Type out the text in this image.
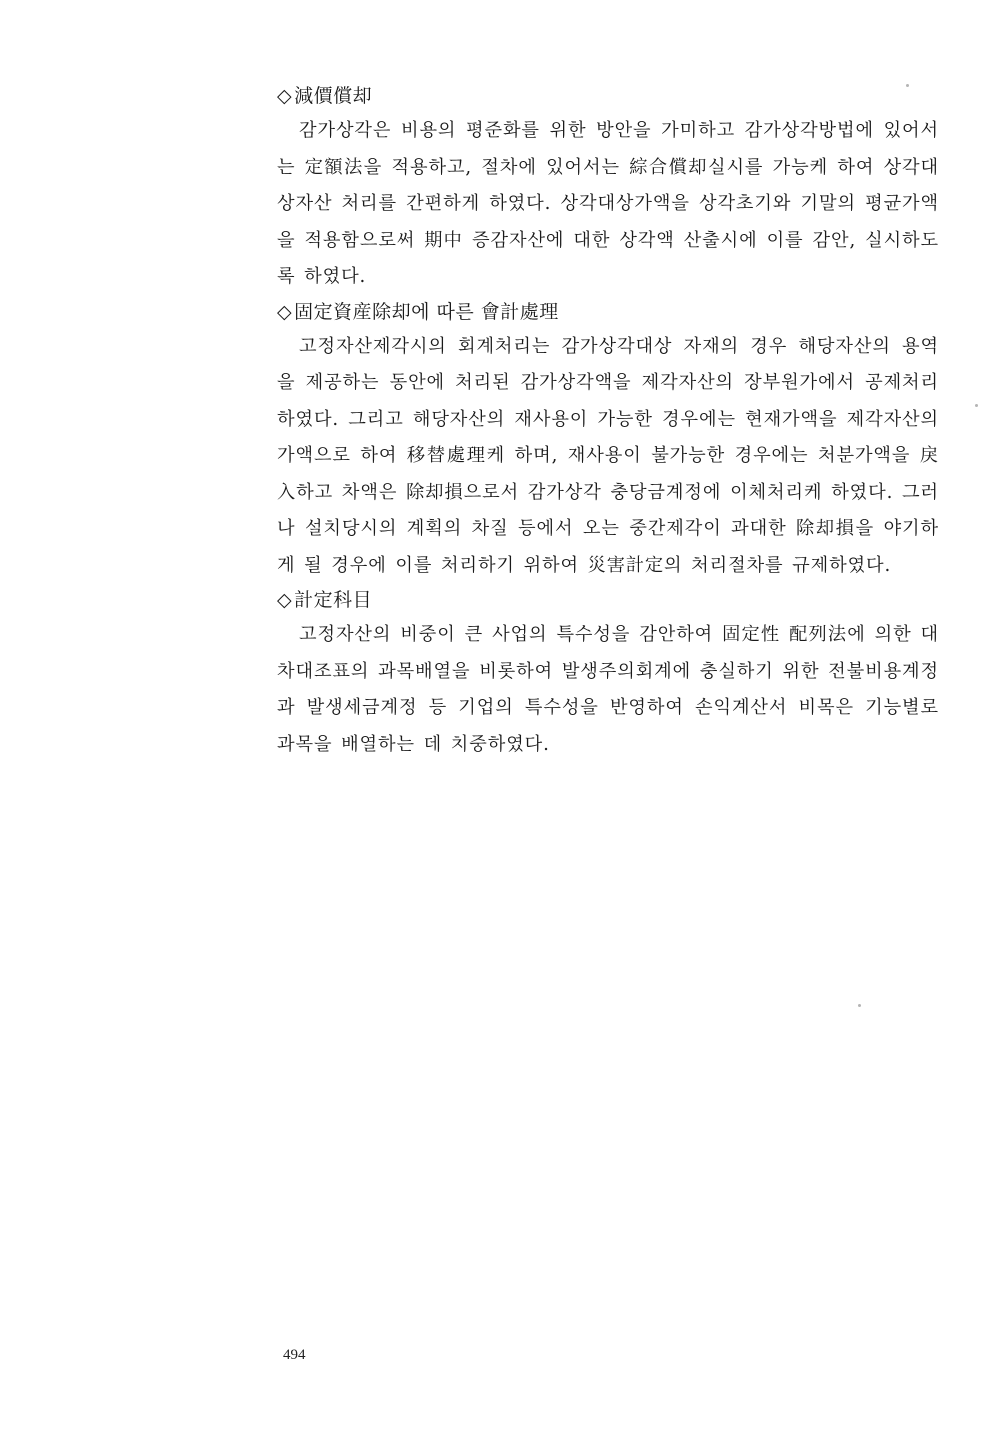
◇ 減價償却

감가상각은 비용의 평준화를 위한 방안을 가미하고 감가상각방법에 있어서는 定額法을 적용하고, 절차에 있어서는 綜合償却실시를 가능케 하여 상각대상자산 처리를 간편하게 하였다. 상각대상가액을 상각초기와 기말의 평균가액을 적용함으로써 期中 증감자산에 대한 상각액 산출시에 이를 감안, 실시하도록 하였다.

◇ 固定資産除却에 따른 會計處理

고정자산제각시의 회계처리는 감가상각대상 자재의 경우 해당자산의 용역을 제공하는 동안에 처리된 감가상각액을 제각자산의 장부원가에서 공제처리하였다. 그리고 해당자산의 재사용이 가능한 경우에는 현재가액을 제각자산의 가액으로 하여 移替處理케 하며, 재사용이 불가능한 경우에는 처분가액을 戾入하고 차액은 除却損으로서 감가상각 충당금계정에 이체처리케 하였다. 그러나 설치당시의 계획의 차질 등에서 오는 중간제각이 과대한 除却損을 야기하게 될 경우에 이를 처리하기 위하여 災害計定의 처리절차를 규제하였다.

◇ 計定科目

고정자산의 비중이 큰 사업의 특수성을 감안하여 固定性 配列法에 의한 대차대조표의 과목배열을 비롯하여 발생주의회계에 충실하기 위한 전불비용계정과 발생세금계정 등 기업의 특수성을 반영하여 손익계산서 비목은 기능별로 과목을 배열하는 데 치중하였다.

494
